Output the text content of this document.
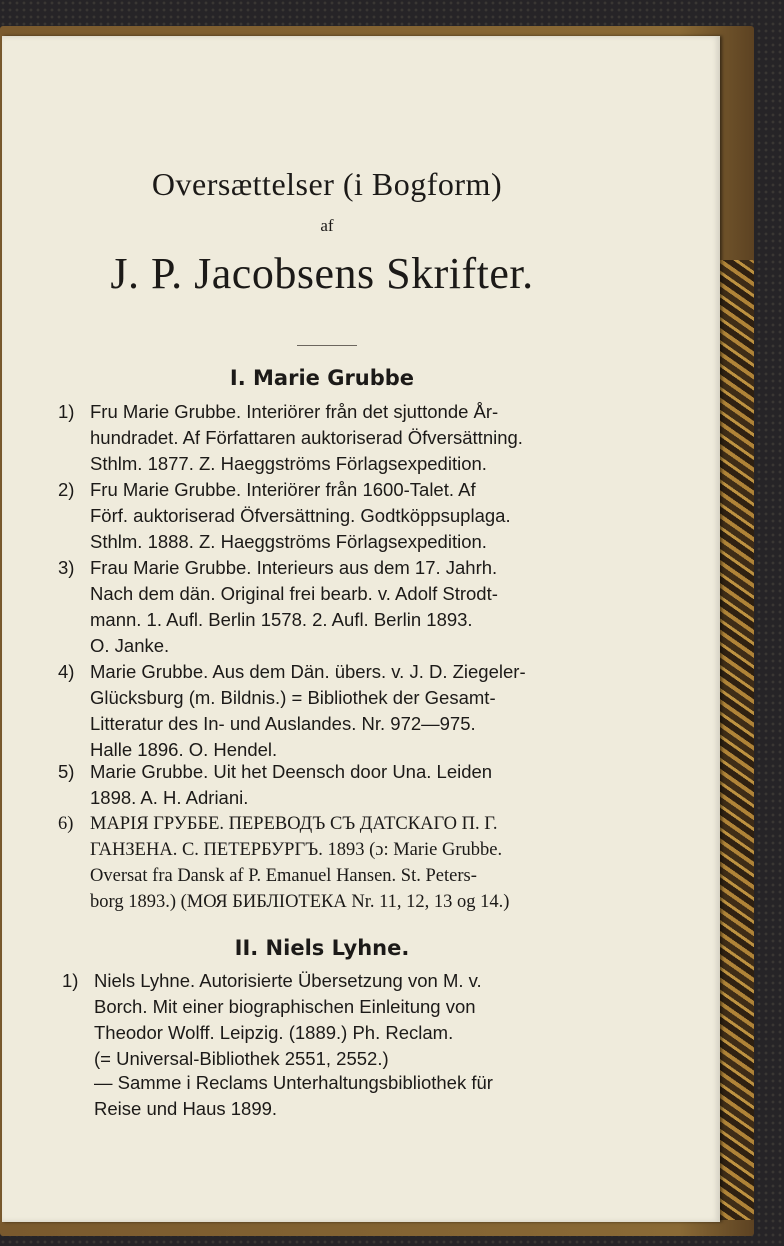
Oversættelser (i Bogform)
af
J. P. Jacobsens Skrifter.
I. Marie Grubbe
1) Fru Marie Grubbe. Interiörer från det sjuttonde År-
hundradet. Af Författaren auktoriserad Öfversättning.
Sthlm. 1877. Z. Haeggströms Förlagsexpedition.
2) Fru Marie Grubbe. Interiörer från 1600-Talet. Af
Förf. auktoriserad Öfversättning. Godtköppsuplaga.
Sthlm. 1888. Z. Haeggströms Förlagsexpedition.
3) Frau Marie Grubbe. Interieurs aus dem 17. Jahrh.
Nach dem dän. Original frei bearb. v. Adolf Strodt-
mann. 1. Aufl. Berlin 1578. 2. Aufl. Berlin 1893.
O. Janke.
4) Marie Grubbe. Aus dem Dän. übers. v. J. D. Ziegeler-
Glücksburg (m. Bildnis.) = Bibliothek der Gesamt-
Litteratur des In- und Auslandes. Nr. 972—975.
Halle 1896. O. Hendel.
5) Marie Grubbe. Uit het Deensch door Una. Leiden
1898. A. H. Adriani.
6) МАРІЯ ГРУББЕ. ПЕРЕВОДЪ СЪ ДАТСКАГО П. Г.
ГАНЗЕНА. С. ПЕТЕРБУРГЪ. 1893 (ɔ: Marie Grubbe.
Oversat fra Dansk af P. Emanuel Hansen. St. Peters-
borg 1893.) (МОЯ БИБЛІОТЕКА Nr. 11, 12, 13 og 14.)
II. Niels Lyhne.
1) Niels Lyhne. Autorisierte Übersetzung von M. v.
Borch. Mit einer biographischen Einleitung von
Theodor Wolff. Leipzig. (1889.) Ph. Reclam.
(= Universal-Bibliothek 2551, 2552.)
— Samme i Reclams Unterhaltungsbibliothek für
Reise und Haus 1899.
